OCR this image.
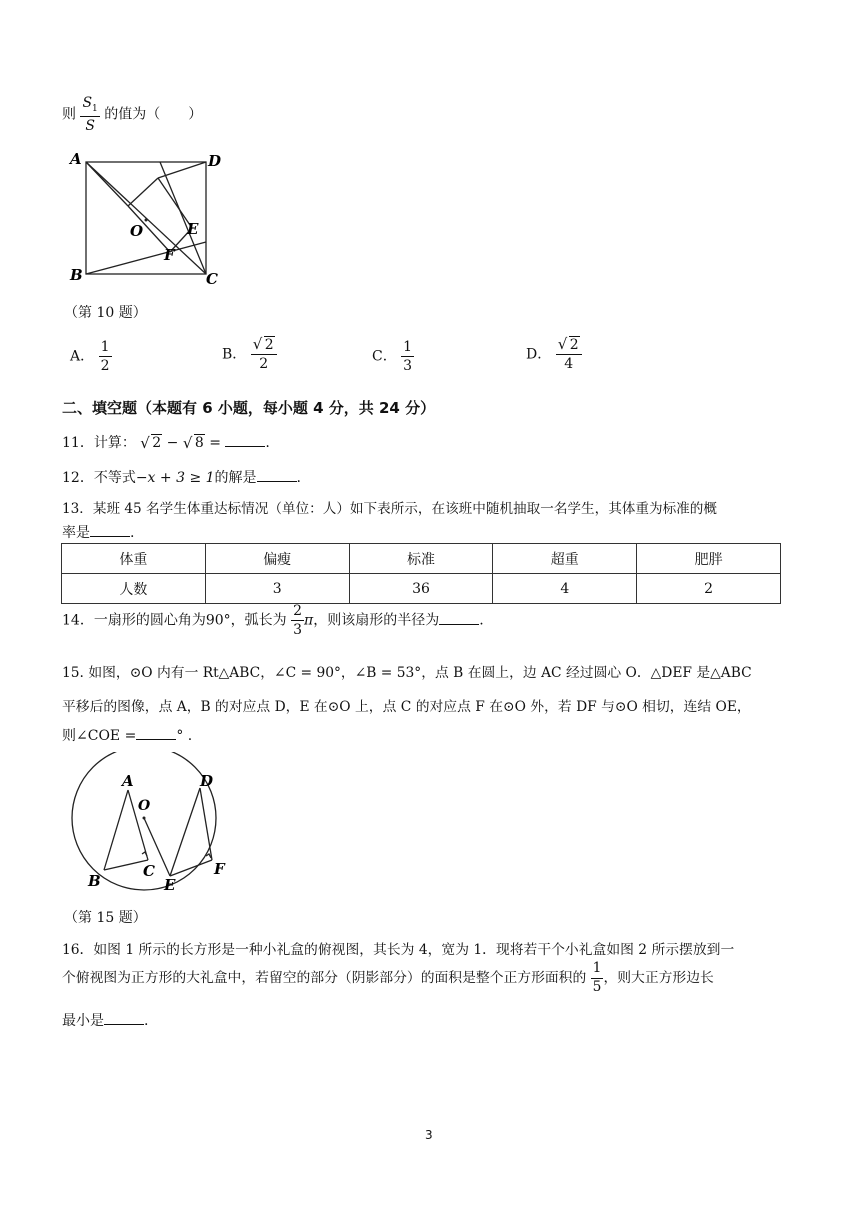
则 $\frac{S_1}{S}$ 的值为（　　）
A	D
O	E
F
B	C
（第 10 题）
A． $\frac{1}{2}$	B． $\frac{√ 2}{2}$	C． $\frac{1}{3}$	D． $\frac{√ 2}{4}$
二、填空题（本题有 6 小题，每小题 4 分，共 24 分）
11．计算： √ 2 − √ 8 =	.
12．不等式−x + 3 ≥ 1的解是	.
13．某班 45 名学生体重达标情况（单位：人）如下表所示，在该班中随机抽取一名学生，其体重为标准的概
率是	.
体重	偏瘦	标准	超重	肥胖
人数	3	36	4	2
14．一扇形的圆心角为90°，弧长为 $\frac{2}{3}$ π，则该扇形的半径为	.
15. 如图，⊙O 内有一 Rt△ABC，∠C = 90°，∠B = 53°，点 B 在圆上，边 AC 经过圆心 O．△DEF 是△ABC
平移后的图像，点 A，B 的对应点 D，E 在⊙O 上，点 C 的对应点 F 在⊙O 外，若 DF 与⊙O 相切，连结 OE，
则∠COE =	° .
A
O
D
B
C
E
F
（第 15 题）
16．如图 1 所示的长方形是一种小礼盒的俯视图，其长为 4，宽为 1．现将若干个小礼盒如图 2 所示摆放到一
个俯视图为正方形的大礼盒中，若留空的部分（阴影部分）的面积是整个正方形面积的 $\frac{1}{5}$ ，则大正方形边长
最小是	.
3
